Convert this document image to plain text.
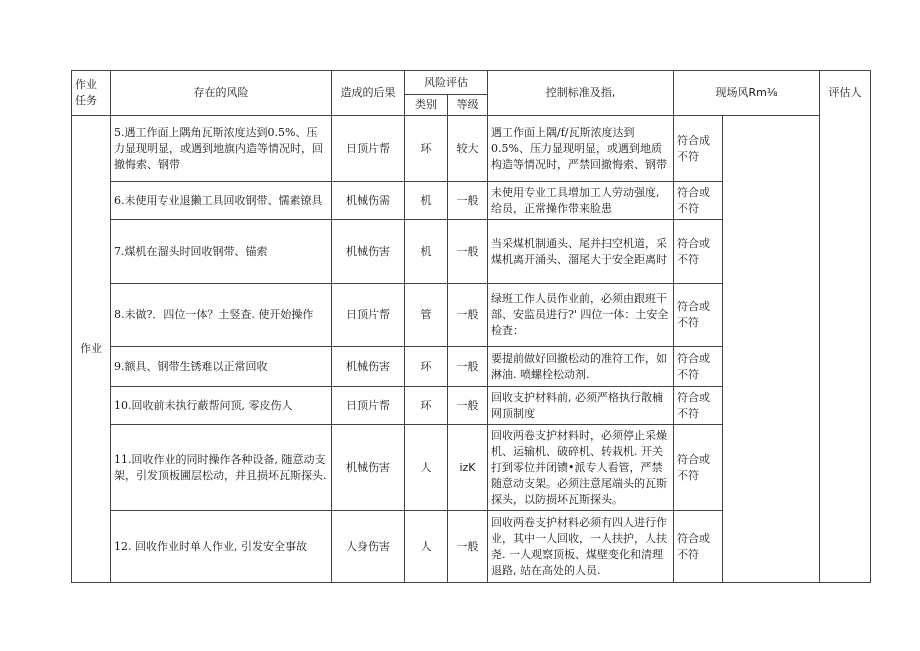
作业任务	存在的风险	造成的后果	风险评估		控制标准及指,	现场风Rm⅛		评估人
			类别	等级				
作业	5.遇工作面上隅角瓦斯浓度达到0.5%、压力显现明显，或遇到地旗内造等情况时，回撤悔索、钢带	日顶片帮	环	较大	遇工作面上隅/f/瓦斯浓度达到0.5%、压力显现明显，或遇到地质构造等情况时，严禁回撤悔索、钢带	符合成不符		
	6.未使用专业退獭工具回收钢带、懦素镣具	机械伤需	机	一般	未使用专业工具增加工人劳动强度,给员，正常操作带来脸患	符合或不符		
	7.煤机在溜头时回收钢带、锚索	机械伤害	机	一般	当采煤机制通头、尾并扫空机道，采煤机离开涌头、溜尾大于安全距离时	符合或不符		
	8.未做?．四位一体？土竖查. 使开始操作	日顶片帮	管	一般	绿班工作人员作业前，必须由跟班干部、安监员进行?' 四位一体：土安全检査：	符合或不符		
	9.额具、钢带生锈难以正常回收	机械伤害	环	一般	要提前做好回撤松动的准符工作，如淋油. 喷螺栓松动剂.	符合或不符		
	10.回收前未执行蔽帮问顶, 零皮伤人	日顶片帮	环	一般	回收支护材料前, 必须严格执行散楠网顶制度	符合或不符		
	11.回收作业的同时操作各种设备, 随意动支架，引发顶板圃层松动，并且损坏瓦斯探头.	机械伤害	人	izK	回收两卷支护材料时，必须停止采燥机、运输机、破碎机、转栽机. 开关打到零位并闭镄•派专人看管，严禁随意动支架。必须注意尾端头的瓦斯探头，以防损坏瓦斯探头。	符合或不符		
	12. 回收作业时单人作业, 引发安全事故	人身伤害	人	一般	回收两卷支护材料必须有四人进行作业，其中一人回收，一人扶护，人扶尧. 一人观察顶板、煤壁变化和清理退路, 站在高处的人员.	符合或不符		
